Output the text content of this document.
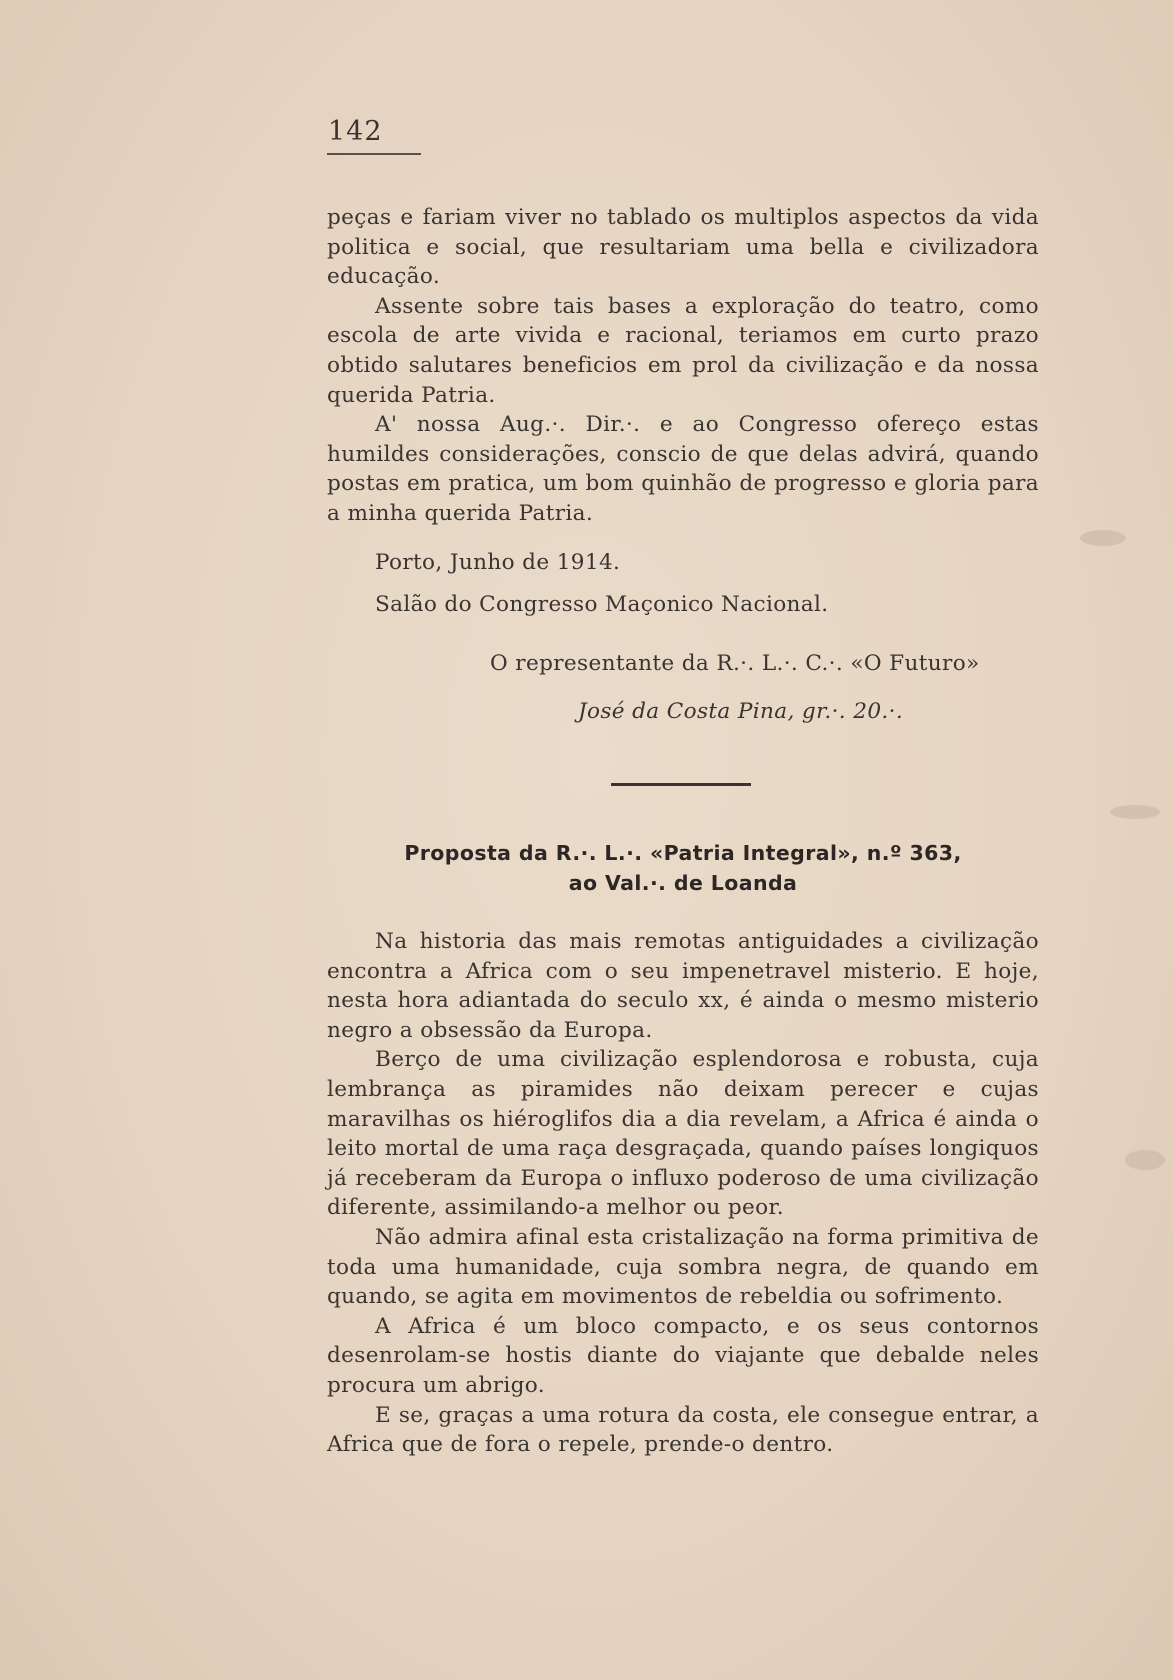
142

peças e fariam viver no tablado os multiplos aspectos da vida politica e social, que resultariam uma bella e civilizadora educação.

Assente sobre tais bases a exploração do teatro, como escola de arte vivida e racional, teriamos em curto prazo obtido salutares beneficios em prol da civilização e da nossa querida Patria.

A' nossa Aug.·. Dir.·. e ao Congresso ofereço estas humildes considerações, conscio de que delas advirá, quando postas em pratica, um bom quinhão de progresso e gloria para a minha querida Patria.

Porto, Junho de 1914.
Salão do Congresso Maçonico Nacional.
O representante da R.·. L.·. C.·. «O Futuro»
José da Costa Pina, gr.·. 20.·.
Proposta da R.·. L.·. «Patria Integral», n.º 363,
ao Val.·. de Loanda

Na historia das mais remotas antiguidades a civilização encontra a Africa com o seu impenetravel misterio. E hoje, nesta hora adiantada do seculo xx, é ainda o mesmo misterio negro a obsessão da Europa.

Berço de uma civilização esplendorosa e robusta, cuja lembrança as piramides não deixam perecer e cujas maravilhas os hiéroglifos dia a dia revelam, a Africa é ainda o leito mortal de uma raça desgraçada, quando países longiquos já receberam da Europa o influxo poderoso de uma civilização diferente, assimilando-a melhor ou peor.

Não admira afinal esta cristalização na forma primitiva de toda uma humanidade, cuja sombra negra, de quando em quando, se agita em movimentos de rebeldia ou sofrimento.

A Africa é um bloco compacto, e os seus contornos desenrolam-se hostis diante do viajante que debalde neles procura um abrigo.

E se, graças a uma rotura da costa, ele consegue entrar, a Africa que de fora o repele, prende-o dentro.
